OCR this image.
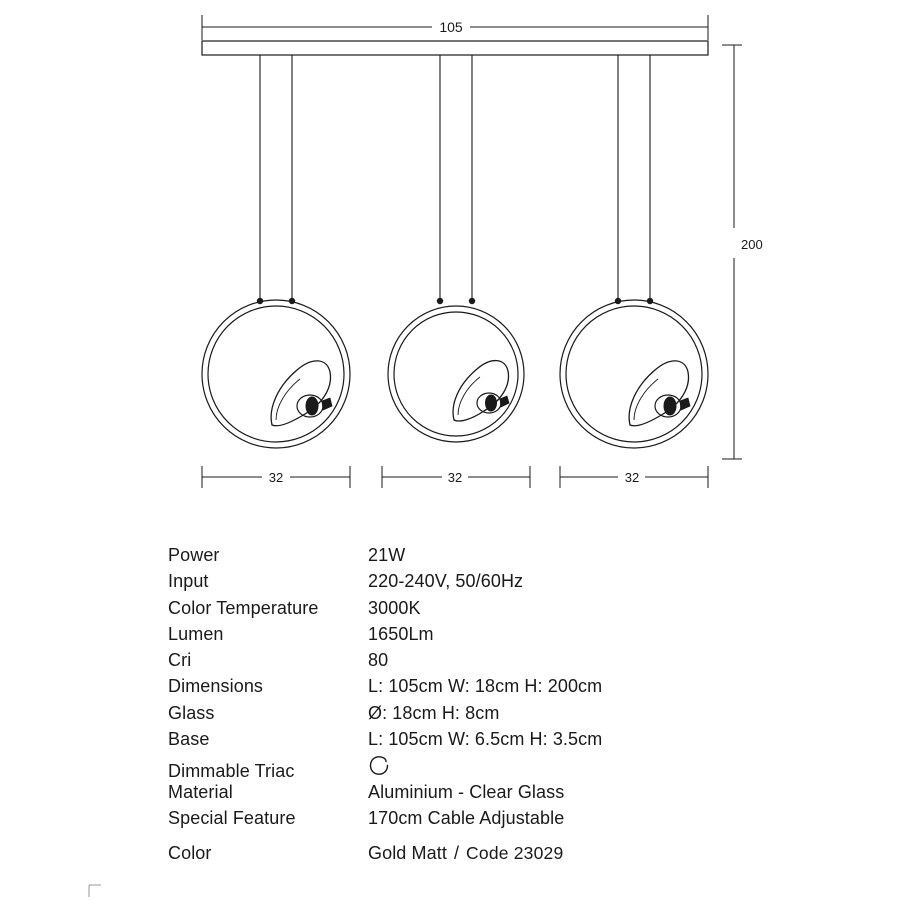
105
200
32	32	32
Power	21W
Input	220-240V, 50/60Hz
Color Temperature	3000K
Lumen	1650Lm
Cri	80
Dimensions	L: 105cm W: 18cm H: 200cm
Glass	Ø: 18cm H: 8cm
Base	L: 105cm W: 6.5cm H: 3.5cm
Dimmable Triac
Material	Aluminium - Clear Glass
Special Feature	170cm Cable Adjustable
Color	Gold Matt / Code 23029
